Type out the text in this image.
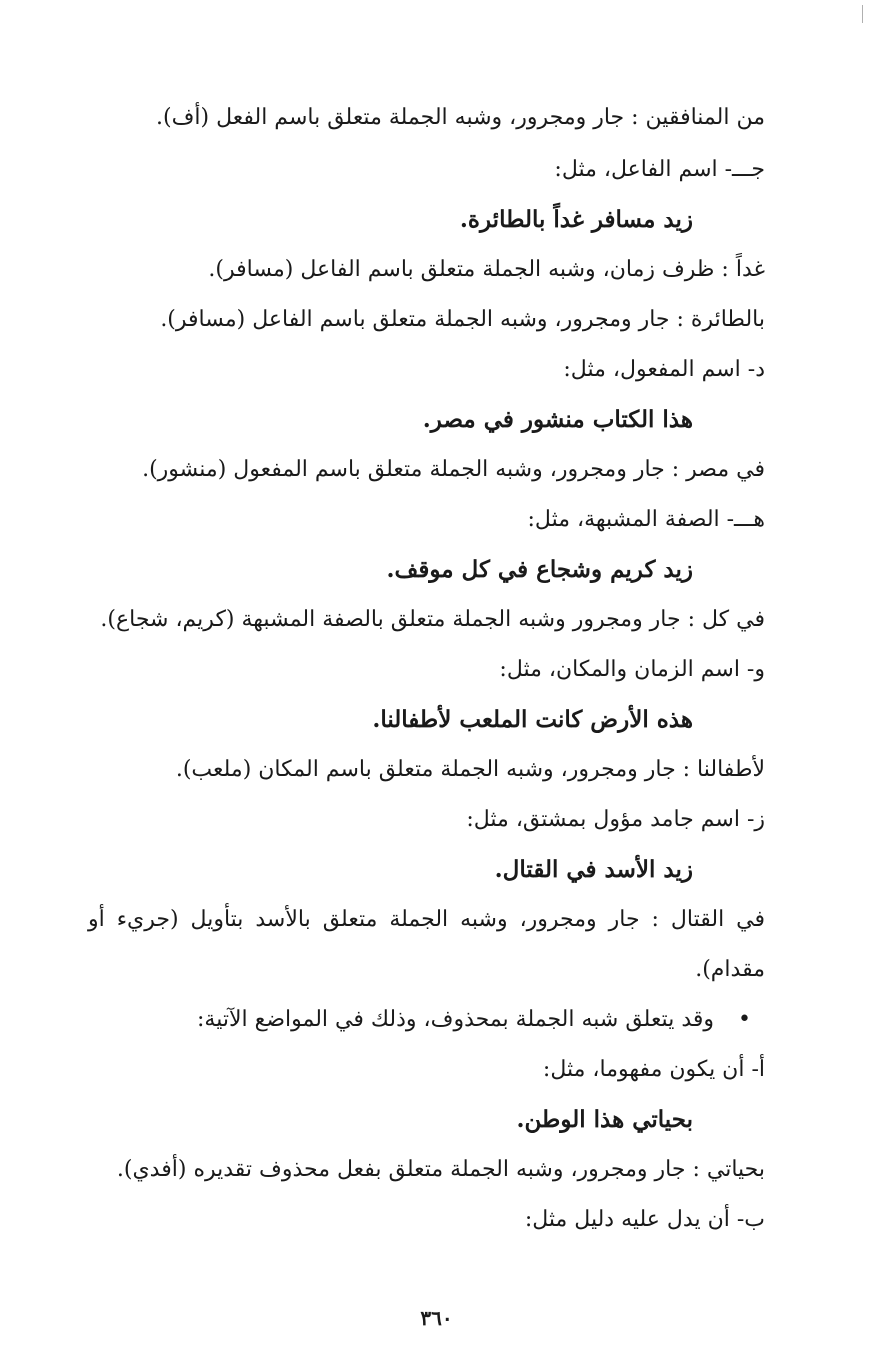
من المنافقين : جار ومجرور، وشبه الجملة متعلق باسم الفعل (أف).
جـــ- اسم الفاعل، مثل:
زيد مسافر غداً بالطائرة.
غداً : ظرف زمان، وشبه الجملة متعلق باسم الفاعل (مسافر).
بالطائرة : جار ومجرور، وشبه الجملة متعلق باسم الفاعل (مسافر).
د- اسم المفعول، مثل:
هذا الكتاب منشور في مصر.
في مصر : جار ومجرور، وشبه الجملة متعلق باسم المفعول (منشور).
هـــ- الصفة المشبهة، مثل:
زيد كريم وشجاع في كل موقف.
في كل : جار ومجرور وشبه الجملة متعلق بالصفة المشبهة (كريم، شجاع).
و- اسم الزمان والمكان، مثل:
هذه الأرض كانت الملعب لأطفالنا.
لأطفالنا : جار ومجرور، وشبه الجملة متعلق باسم المكان (ملعب).
ز- اسم جامد مؤول بمشتق، مثل:
زيد الأسد في القتال.
في القتال : جار ومجرور، وشبه الجملة متعلق بالأسد بتأويل (جريء أو
مقدام).
•وقد يتعلق شبه الجملة بمحذوف، وذلك في المواضع الآتية:
أ- أن يكون مفهوما، مثل:
بحياتي هذا الوطن.
بحياتي : جار ومجرور، وشبه الجملة متعلق بفعل محذوف تقديره (أفدي).
ب- أن يدل عليه دليل مثل:
٣٦٠
